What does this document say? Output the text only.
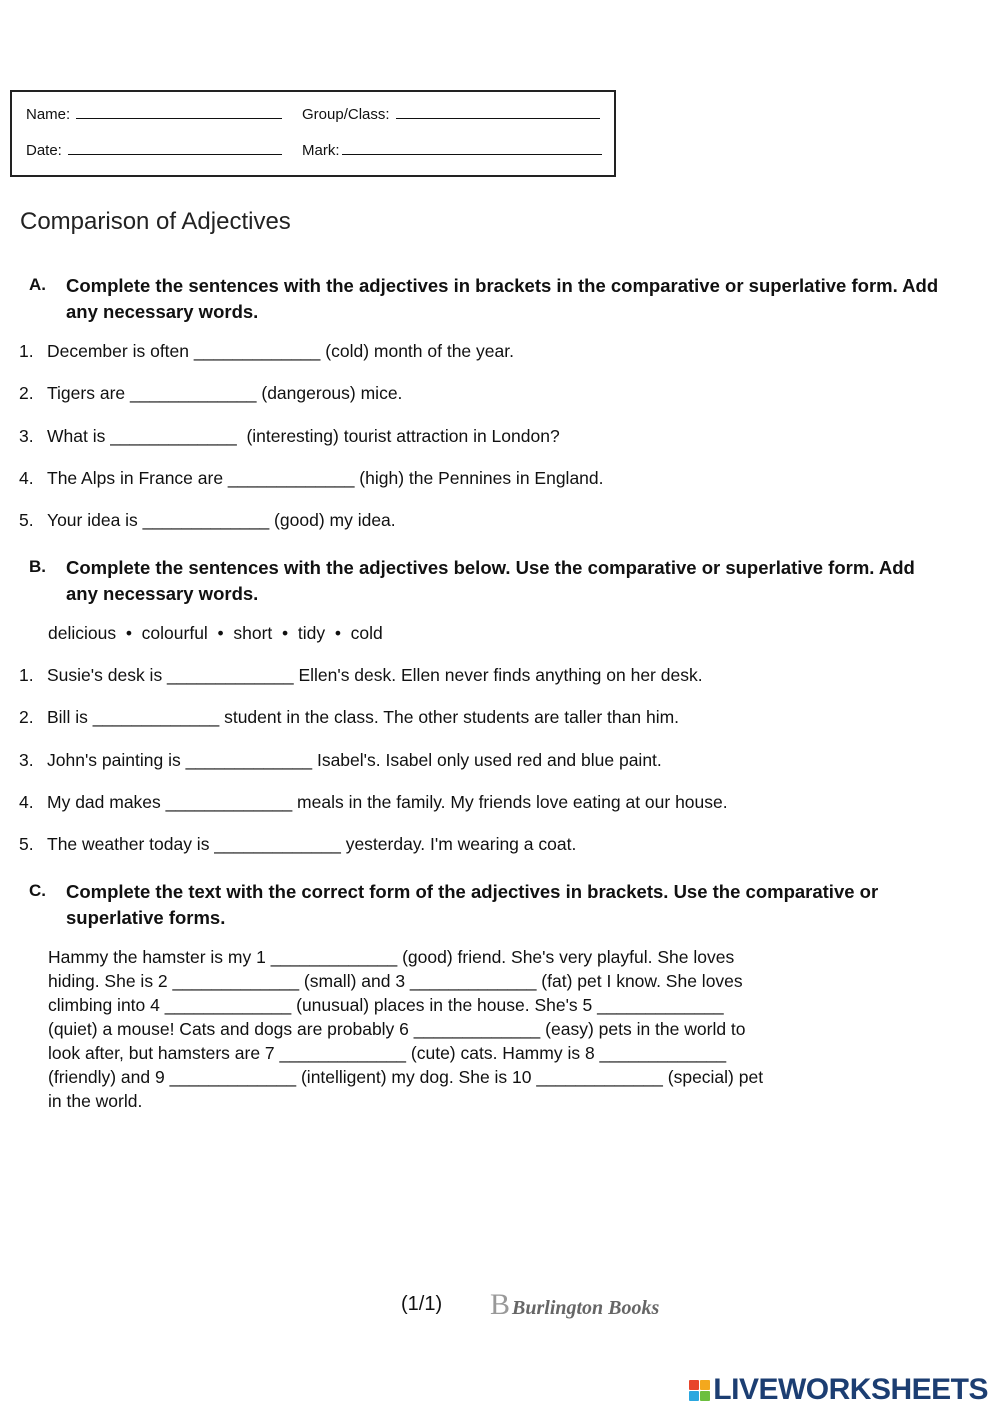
Name:	Group/Class:
Date:	Mark:
Comparison of Adjectives
A. Complete the sentences with the adjectives in brackets in the comparative or superlative form. Add any necessary words.
1. December is often _____________ (cold) month of the year.
2. Tigers are _____________ (dangerous) mice.
3. What is _____________  (interesting) tourist attraction in London?
4. The Alps in France are _____________ (high) the Pennines in England.
5. Your idea is _____________ (good) my idea.
B. Complete the sentences with the adjectives below. Use the comparative or superlative form. Add any necessary words.
delicious  •  colourful  •  short  •  tidy  •  cold
1. Susie's desk is _____________ Ellen's desk. Ellen never finds anything on her desk.
2. Bill is _____________ student in the class. The other students are taller than him.
3. John's painting is _____________ Isabel's. Isabel only used red and blue paint.
4. My dad makes _____________ meals in the family. My friends love eating at our house.
5. The weather today is _____________ yesterday. I'm wearing a coat.
C. Complete the text with the correct form of the adjectives in brackets. Use the comparative or superlative forms.
Hammy the hamster is my 1 _____________ (good) friend. She's very playful. She loves
hiding. She is 2 _____________ (small) and 3 _____________ (fat) pet I know. She loves
climbing into 4 _____________ (unusual) places in the house. She's 5 _____________
(quiet) a mouse! Cats and dogs are probably 6 _____________ (easy) pets in the world to
look after, but hamsters are 7 _____________ (cute) cats. Hammy is 8 _____________
(friendly) and 9 _____________ (intelligent) my dog. She is 10 _____________ (special) pet
in the world.
(1/1) B Burlington Books
LIVEWORKSHEETS
